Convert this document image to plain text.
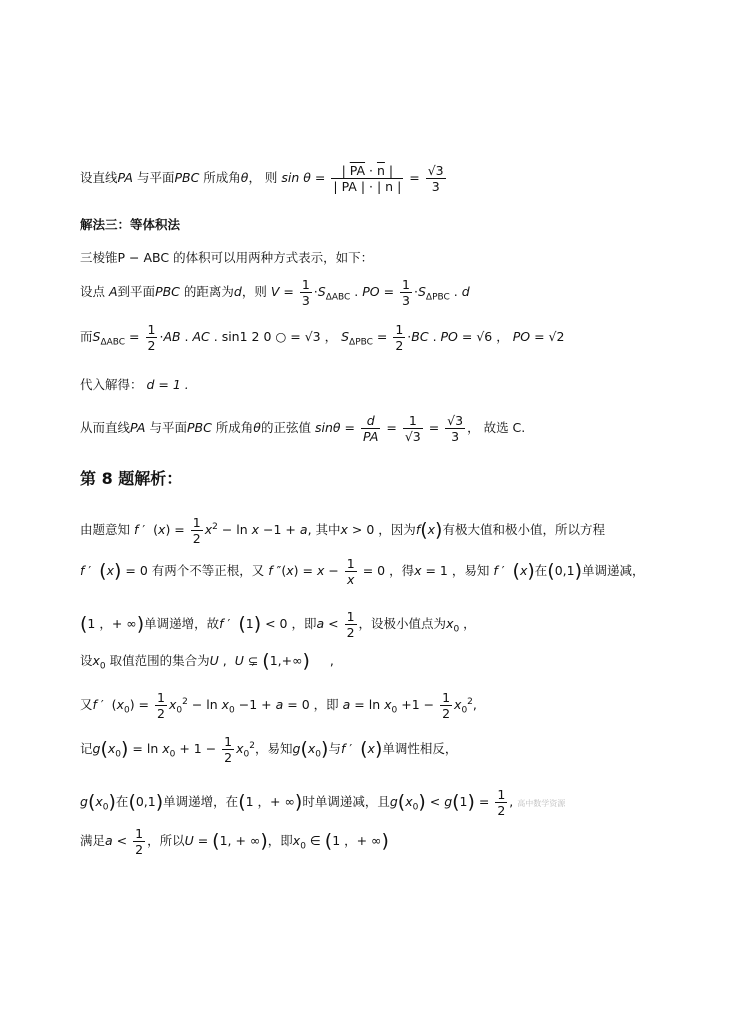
设直线PA 与平面PBC 所成角θ， 则 $\sin \theta = \frac{| \overline{PA} \cdot \overline{n} |}{| \overline{PA} | \cdot | \overline{n} |} = \frac{√3}{3}$
解法三：等体积法
三棱锥P − ABC 的体积可以用两种方式表示，如下：
设点 A到平面PBC 的距离为d，则 $V = \frac{1}{3} \cdot S_{\Delta ABC}$ . PO = $\frac{1}{3} \cdot S_{\Delta PBC}$ . d
而$S_{\Delta ABC} = \frac{1}{2} \cdot AB$ . AC . sin1 2 0 ○ = √3 ， $S_{\Delta PBC} = \frac{1}{2} \cdot BC$ . PO = √6 ， PO = √2
代入解得： d = 1 .
从而直线PA 与平面PBC 所成角θ的正弦值 $\sin\theta = \frac{d}{PA} = \frac{1}{√3} = \frac{√3}{3}$ ， 故选 C.
第 8 题解析：
由题意知 f ′  $(x) = \frac{1}{2} x^2 - \ln x -1 + a$, 其中x > 0 ，因为f(x)有极大值和极小值，所以方程
f ′  (x) = 0 有两个不等正根，又 f $''(x) = x - \frac{1}{x} = 0$ ，得x = 1 ，易知 f ′  (x)在(0,1)单调递减，
(1 ，+ ∞)单调递增，故f ′  (1) < 0 ，即$a < \frac{1}{2}$ ，设极小值点为$x_0$ ，
设$x_0$ 取值范围的集合为U ,  U ⊊ (1,+∞)     ,
又f ′  $(x_0) = \frac{1}{2} x_0^2 - \ln x_0 -1 + a = 0$ ，即 $a = \ln x_0 +1 - \frac{1}{2} x_0^2$,
记$g(x_0) = \ln x_0 + 1 - \frac{1}{2} x_0^2$，易知$g(x_0)$与f ′  (x)单调性相反，
$g(x_0)$在(0,1)单调递增，在(1 ，+ ∞)时单调递减，且$g(x_0) < g(1) = \frac{1}{2}$ , 高中数学资源
满足$a < \frac{1}{2}$ ，所以U = (1, + ∞)，即$x_0$ ∈ (1 ，+ ∞)
